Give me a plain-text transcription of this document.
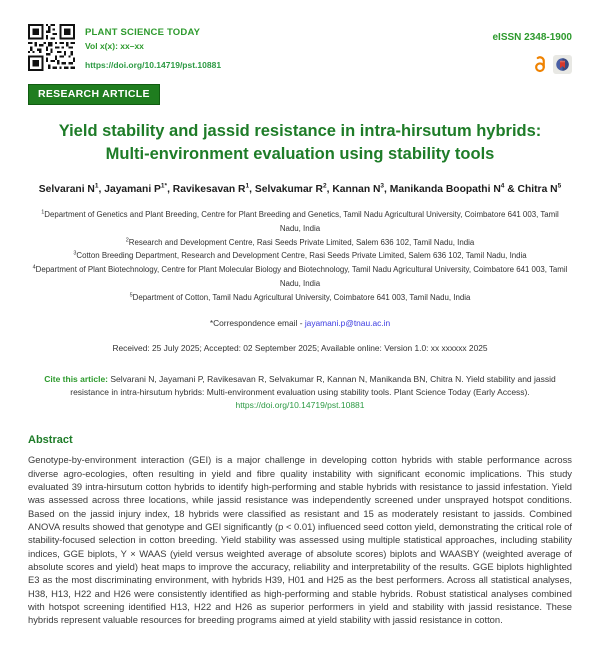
PLANT SCIENCE TODAY
Vol x(x): xx–xx
https://doi.org/10.14719/pst.10881
eISSN 2348-1900
RESEARCH ARTICLE
Yield stability and jassid resistance in intra-hirsutum hybrids:
Multi-environment evaluation using stability tools
Selvarani $N^1$, Jayamani $P^{1*}$, Ravikesavan $R^1$, Selvakumar $R^2$, Kannan $N^3$, Manikanda Boopathi $N^4$ & Chitra $N^5$
$^1$Department of Genetics and Plant Breeding, Centre for Plant Breeding and Genetics, Tamil Nadu Agricultural University, Coimbatore 641 003, Tamil Nadu, India
$^2$Research and Development Centre, Rasi Seeds Private Limited, Salem 636 102, Tamil Nadu, India
$^3$Cotton Breeding Department, Research and Development Centre, Rasi Seeds Private Limited, Salem 636 102, Tamil Nadu, India
$^4$Department of Plant Biotechnology, Centre for Plant Molecular Biology and Biotechnology, Tamil Nadu Agricultural University, Coimbatore 641 003, Tamil Nadu, India
$^5$Department of Cotton, Tamil Nadu Agricultural University, Coimbatore 641 003, Tamil Nadu, India
*Correspondence email - jayamani.p@tnau.ac.in
Received: 25 July 2025; Accepted: 02 September 2025; Available online: Version 1.0: xx xxxxxx 2025
Cite this article: Selvarani N, Jayamani P, Ravikesavan R, Selvakumar R, Kannan N, Manikanda BN, Chitra N. Yield stability and jassid resistance in intra-hirsutum hybrids: Multi-environment evaluation using stability tools. Plant Science Today (Early Access). https://doi.org/10.14719/pst.10881
Abstract
Genotype-by-environment interaction (GEI) is a major challenge in developing cotton hybrids with stable performance across diverse agro-ecologies, often resulting in yield and fibre quality instability with significant economic implications. This study evaluated 39 intra-hirsutum cotton hybrids to identify high-performing and stable hybrids with resistance to jassid infestation. Yield was assessed across three locations, while jassid resistance was independently screened under unsprayed hotspot conditions. Based on the jassid injury index, 18 hybrids were classified as resistant and 15 as moderately resistant to jassids. Combined ANOVA results showed that genotype and GEI significantly (p < 0.01) influenced seed cotton yield, demonstrating the critical role of stability-focused selection in cotton breeding. Yield stability was assessed using multiple statistical approaches, including stability indices, GGE biplots, Y × WAAS (yield versus weighted average of absolute scores) biplots and WAASBY (weighted average of absolute scores and yield) heat maps to improve the accuracy, reliability and interpretability of the results. GGE biplots highlighted E3 as the most discriminating environment, with hybrids H39, H01 and H25 as the best performers. Across all statistical analyses, H38, H13, H22 and H26 were consistently identified as high-performing and stable hybrids. Robust statistical analyses combined with hotspot screening identified H13, H22 and H26 as superior performers in yield and stability with jassid resistance. These hybrids represent valuable resources for breeding programs aimed at yield stability with jassid resistance in cotton.
